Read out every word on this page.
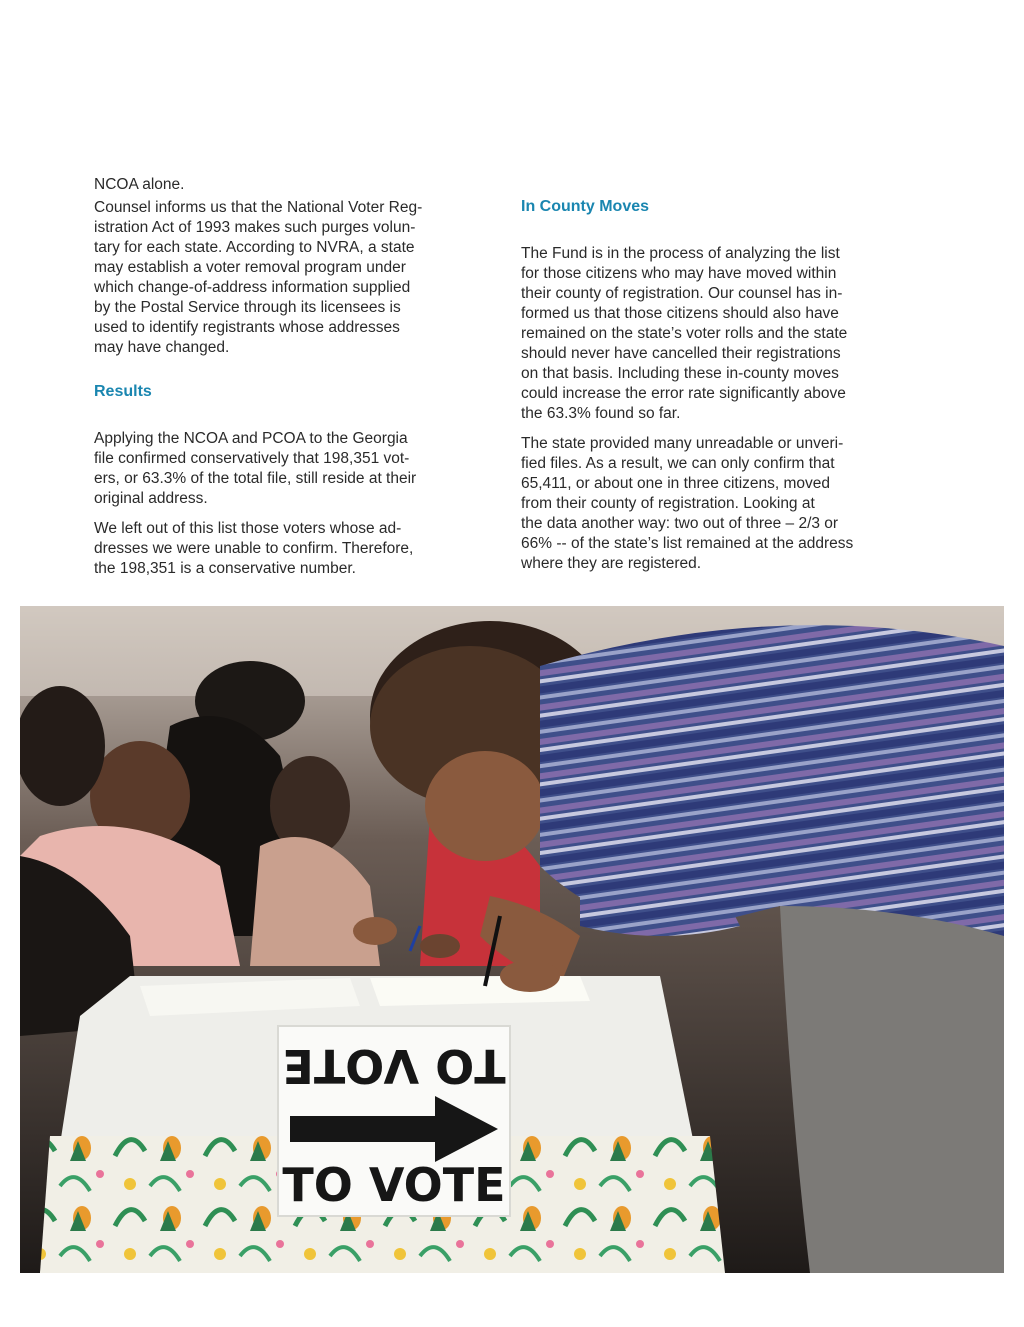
NCOA alone.

Counsel informs us that the National Voter Reg-
istration Act of 1993 makes such purges volun-
tary for each state. According to NVRA, a state
may establish a voter removal program under
which change-of-address information supplied
by the Postal Service through its licensees is
used to identify registrants whose addresses
may have changed.

Results

Applying the NCOA and PCOA to the Georgia
file confirmed conservatively that 198,351 vot-
ers, or 63.3% of the total file, still reside at their
original address.

We left out of this list those voters whose ad-
dresses we were unable to confirm. Therefore,
the 198,351 is a conservative number.

In County Moves

The Fund is in the process of analyzing the list
for those citizens who may have moved within
their county of registration. Our counsel has in-
formed us that those citizens should also have
remained on the state’s voter rolls and the state
should never have cancelled their registrations
on that basis. Including these in-county moves
could increase the error rate significantly above
the 63.3% found so far.

The state provided many unreadable or unveri-
fied files. As a result, we can only confirm that
65,411, or about one in three citizens, moved
from their county of registration. Looking at
the data another way: two out of three – 2/3 or
66% -- of the state’s list remained at the address
where they are registered.

TO VOTE
TO VOTE
